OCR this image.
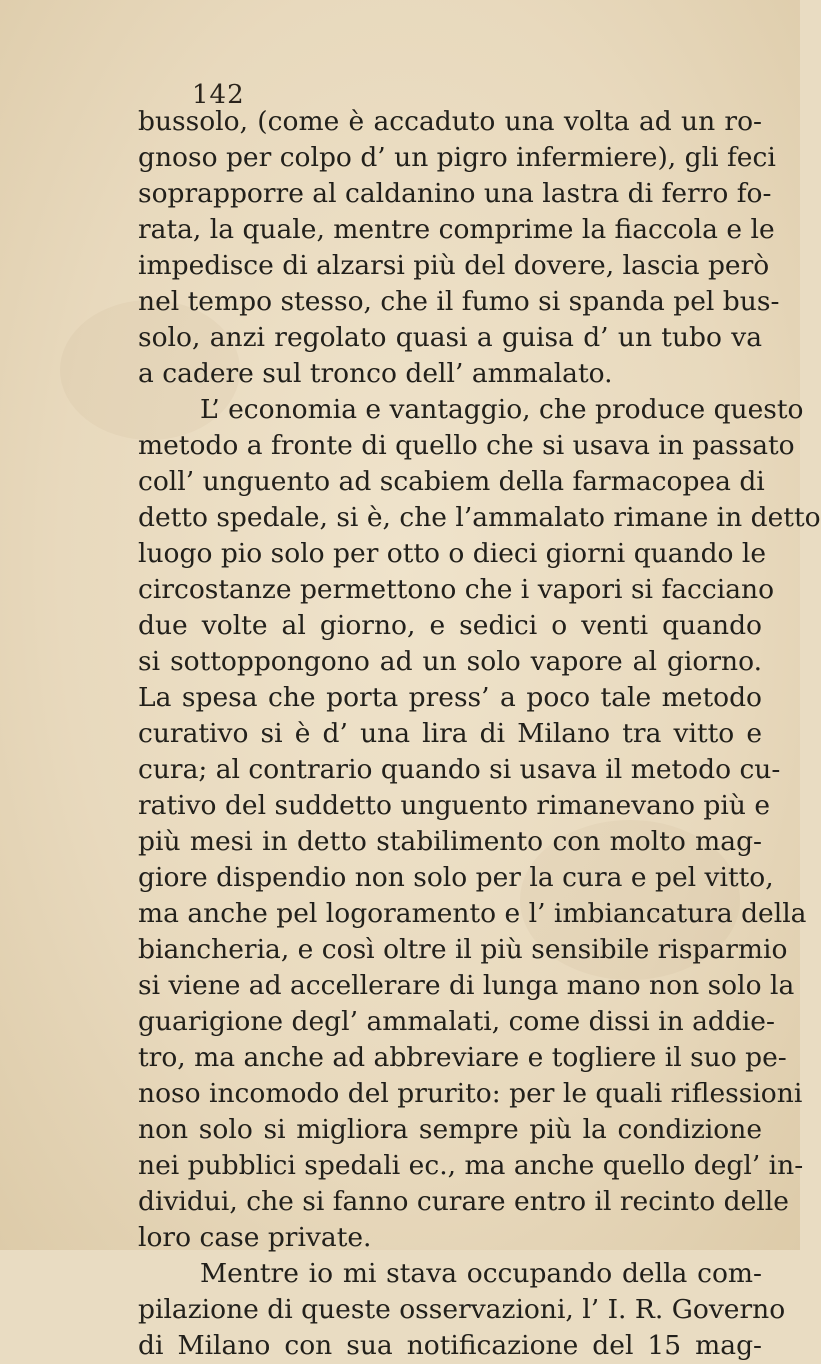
142
bussolo, (come è accaduto una volta ad un ro-
gnoso per colpo d’ un pigro infermiere), gli feci
soprapporre al caldanino una lastra di ferro fo-
rata, la quale, mentre comprime la fiaccola e le
impedisce di alzarsi più del dovere, lascia però
nel tempo stesso, che il fumo si spanda pel bus-
solo, anzi regolato quasi a guisa d’ un tubo va
a cadere sul tronco dell’ ammalato.
L’ economia e vantaggio, che produce questo
metodo a fronte di quello che si usava in passato
coll’ unguento ad scabiem della farmacopea di
detto spedale, si è, che l’ammalato rimane in detto
luogo pio solo per otto o dieci giorni quando le
circostanze permettono che i vapori si facciano
due volte al giorno, e sedici o venti quando
si sottoppongono ad un solo vapore al giorno.
La spesa che porta press’ a poco tale metodo
curativo si è d’ una lira di Milano tra vitto e
cura; al contrario quando si usava il metodo cu-
rativo del suddetto unguento rimanevano più e
più mesi in detto stabilimento con molto mag-
giore dispendio non solo per la cura e pel vitto,
ma anche pel logoramento e l’ imbiancatura della
biancheria, e così oltre il più sensibile risparmio
si viene ad accellerare di lunga mano non solo la
guarigione degl’ ammalati, come dissi in addie-
tro, ma anche ad abbreviare e togliere il suo pe-
noso incomodo del prurito: per le quali riflessioni
non solo si migliora sempre più la condizione
nei pubblici spedali ec., ma anche quello degl’ in-
dividui, che si fanno curare entro il recinto delle
loro case private.
Mentre io mi stava occupando della com-
pilazione di queste osservazioni, l’ I. R. Governo
di Milano con sua notificazione del 15 mag-
